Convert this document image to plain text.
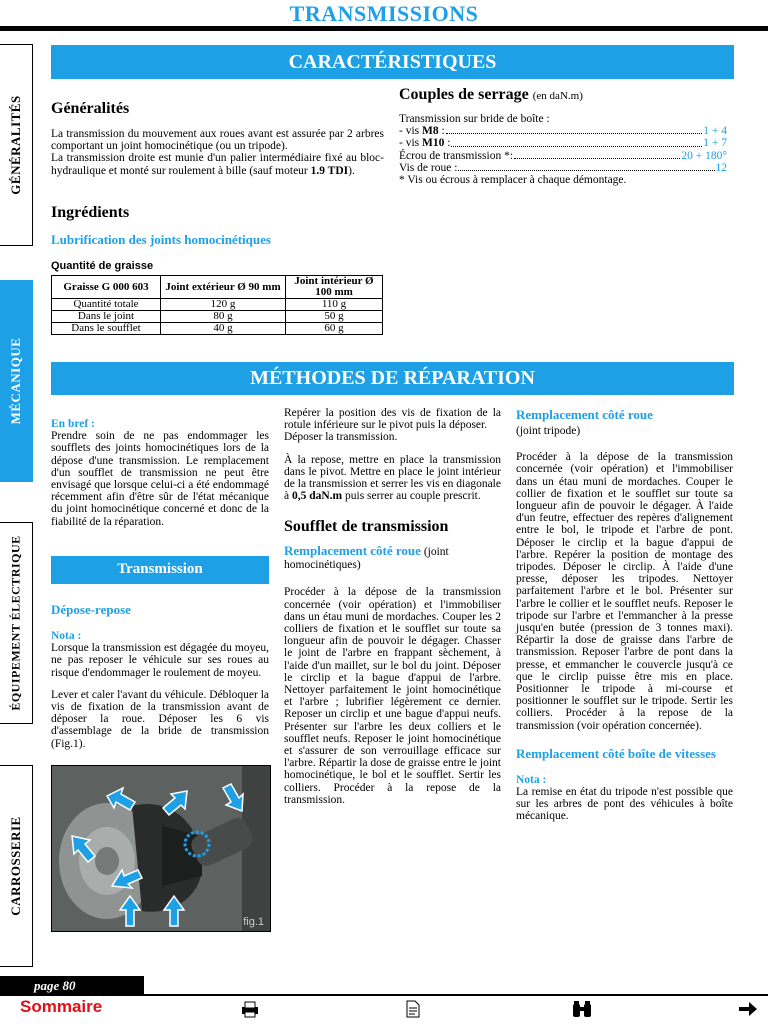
TRANSMISSIONS
GÉNÉRALITÉS
MÉCANIQUE
ÉQUIPEMENT ÉLECTRIQUE
CARROSSERIE
CARACTÉRISTIQUES
Généralités
La transmission du mouvement aux roues avant est assurée par 2 arbres comportant un joint homocinétique (ou un tripode).
La transmission droite est munie d'un palier intermédiaire fixé au bloc-hydraulique et monté sur roulement à bille (sauf moteur 1.9 TDI).
Ingrédients
Lubrification des joints homocinétiques
Quantité de graisse
Graisse G 000 603	Joint extérieur Ø 90 mm	Joint intérieur Ø 100 mm
Quantité totale	120 g	110 g
Dans le joint	80 g	50 g
Dans le soufflet	40 g	60 g
Couples de serrage (en daN.m)
Transmission sur bride de boîte :
- vis M8 :	1 + 4
- vis M10 :	1 + 7
Écrou de transmission *:	20 + 180°
Vis de roue :	12
* Vis ou écrous à remplacer à chaque démontage.
MÉTHODES DE RÉPARATION
En bref :
Prendre soin de ne pas endommager les soufflets des joints homocinétiques lors de la dépose d'une transmission. Le remplacement d'un soufflet de transmission ne peut être envisagé que lorsque celui-ci a été endommagé récemment afin d'être sûr de l'état mécanique du joint homocinétique concerné et donc de la fiabilité de la réparation.
Transmission
Dépose-repose
Nota :
Lorsque la transmission est dégagée du moyeu, ne pas reposer le véhicule sur ses roues au risque d'endommager le roulement de moyeu.
Lever et caler l'avant du véhicule. Débloquer la vis de fixation de la transmission avant de déposer la roue. Déposer les 6 vis d'assemblage de la bride de transmission (Fig.1).
fig.1
Repérer la position des vis de fixation de la rotule inférieure sur le pivot puis la déposer.
Déposer la transmission.
À la repose, mettre en place la transmission dans le pivot. Mettre en place le joint intérieur de la transmission et serrer les vis en diagonale à 0,5 daN.m puis serrer au couple prescrit.
Soufflet de transmission
Remplacement côté roue (joint homocinétiques)
Procéder à la dépose de la transmission concernée (voir opération) et l'immobiliser dans un étau muni de mordaches. Couper les 2 colliers de fixation et le soufflet sur toute sa longueur afin de pouvoir le dégager. Chasser le joint de l'arbre en frappant sèchement, à l'aide d'un maillet, sur le bol du joint. Déposer le circlip et la bague d'appui de l'arbre. Nettoyer parfaitement le joint homocinétique et l'arbre ; lubrifier légèrement ce dernier. Reposer un circlip et une bague d'appui neufs. Présenter sur l'arbre les deux colliers et le soufflet neufs. Reposer le joint homocinétique et s'assurer de son verrouillage efficace sur l'arbre. Répartir la dose de graisse entre le joint homocinétique, le bol et le soufflet. Sertir les colliers. Procéder à la repose de la transmission.
Remplacement côté roue
(joint tripode)
Procéder à la dépose de la transmission concernée (voir opération) et l'immobiliser dans un étau muni de mordaches. Couper le collier de fixation et le soufflet sur toute sa longueur afin de pouvoir le dégager. À l'aide d'un feutre, effectuer des repères d'alignement entre le bol, le tripode et l'arbre de pont. Déposer le circlip et la bague d'appui de l'arbre. Repérer la position de montage des tripodes. Déposer le circlip. À l'aide d'une presse, déposer les tripodes. Nettoyer parfaitement l'arbre et le bol. Présenter sur l'arbre le collier et le soufflet neufs. Reposer le tripode sur l'arbre et l'emmancher à la presse jusqu'en butée (pression de 3 tonnes maxi). Répartir la dose de graisse dans l'arbre de transmission. Reposer l'arbre de pont dans la presse, et emmancher le couvercle jusqu'à ce que le circlip puisse être mis en place. Positionner le tripode à mi-course et positionner le soufflet sur le tripode. Sertir les colliers. Procéder à la repose de la transmission (voir opération concernée).
Remplacement côté boîte de vitesses
Nota :
La remise en état du tripode n'est possible que sur les arbres de pont des véhicules à boîte mécanique.
page 80
Sommaire
